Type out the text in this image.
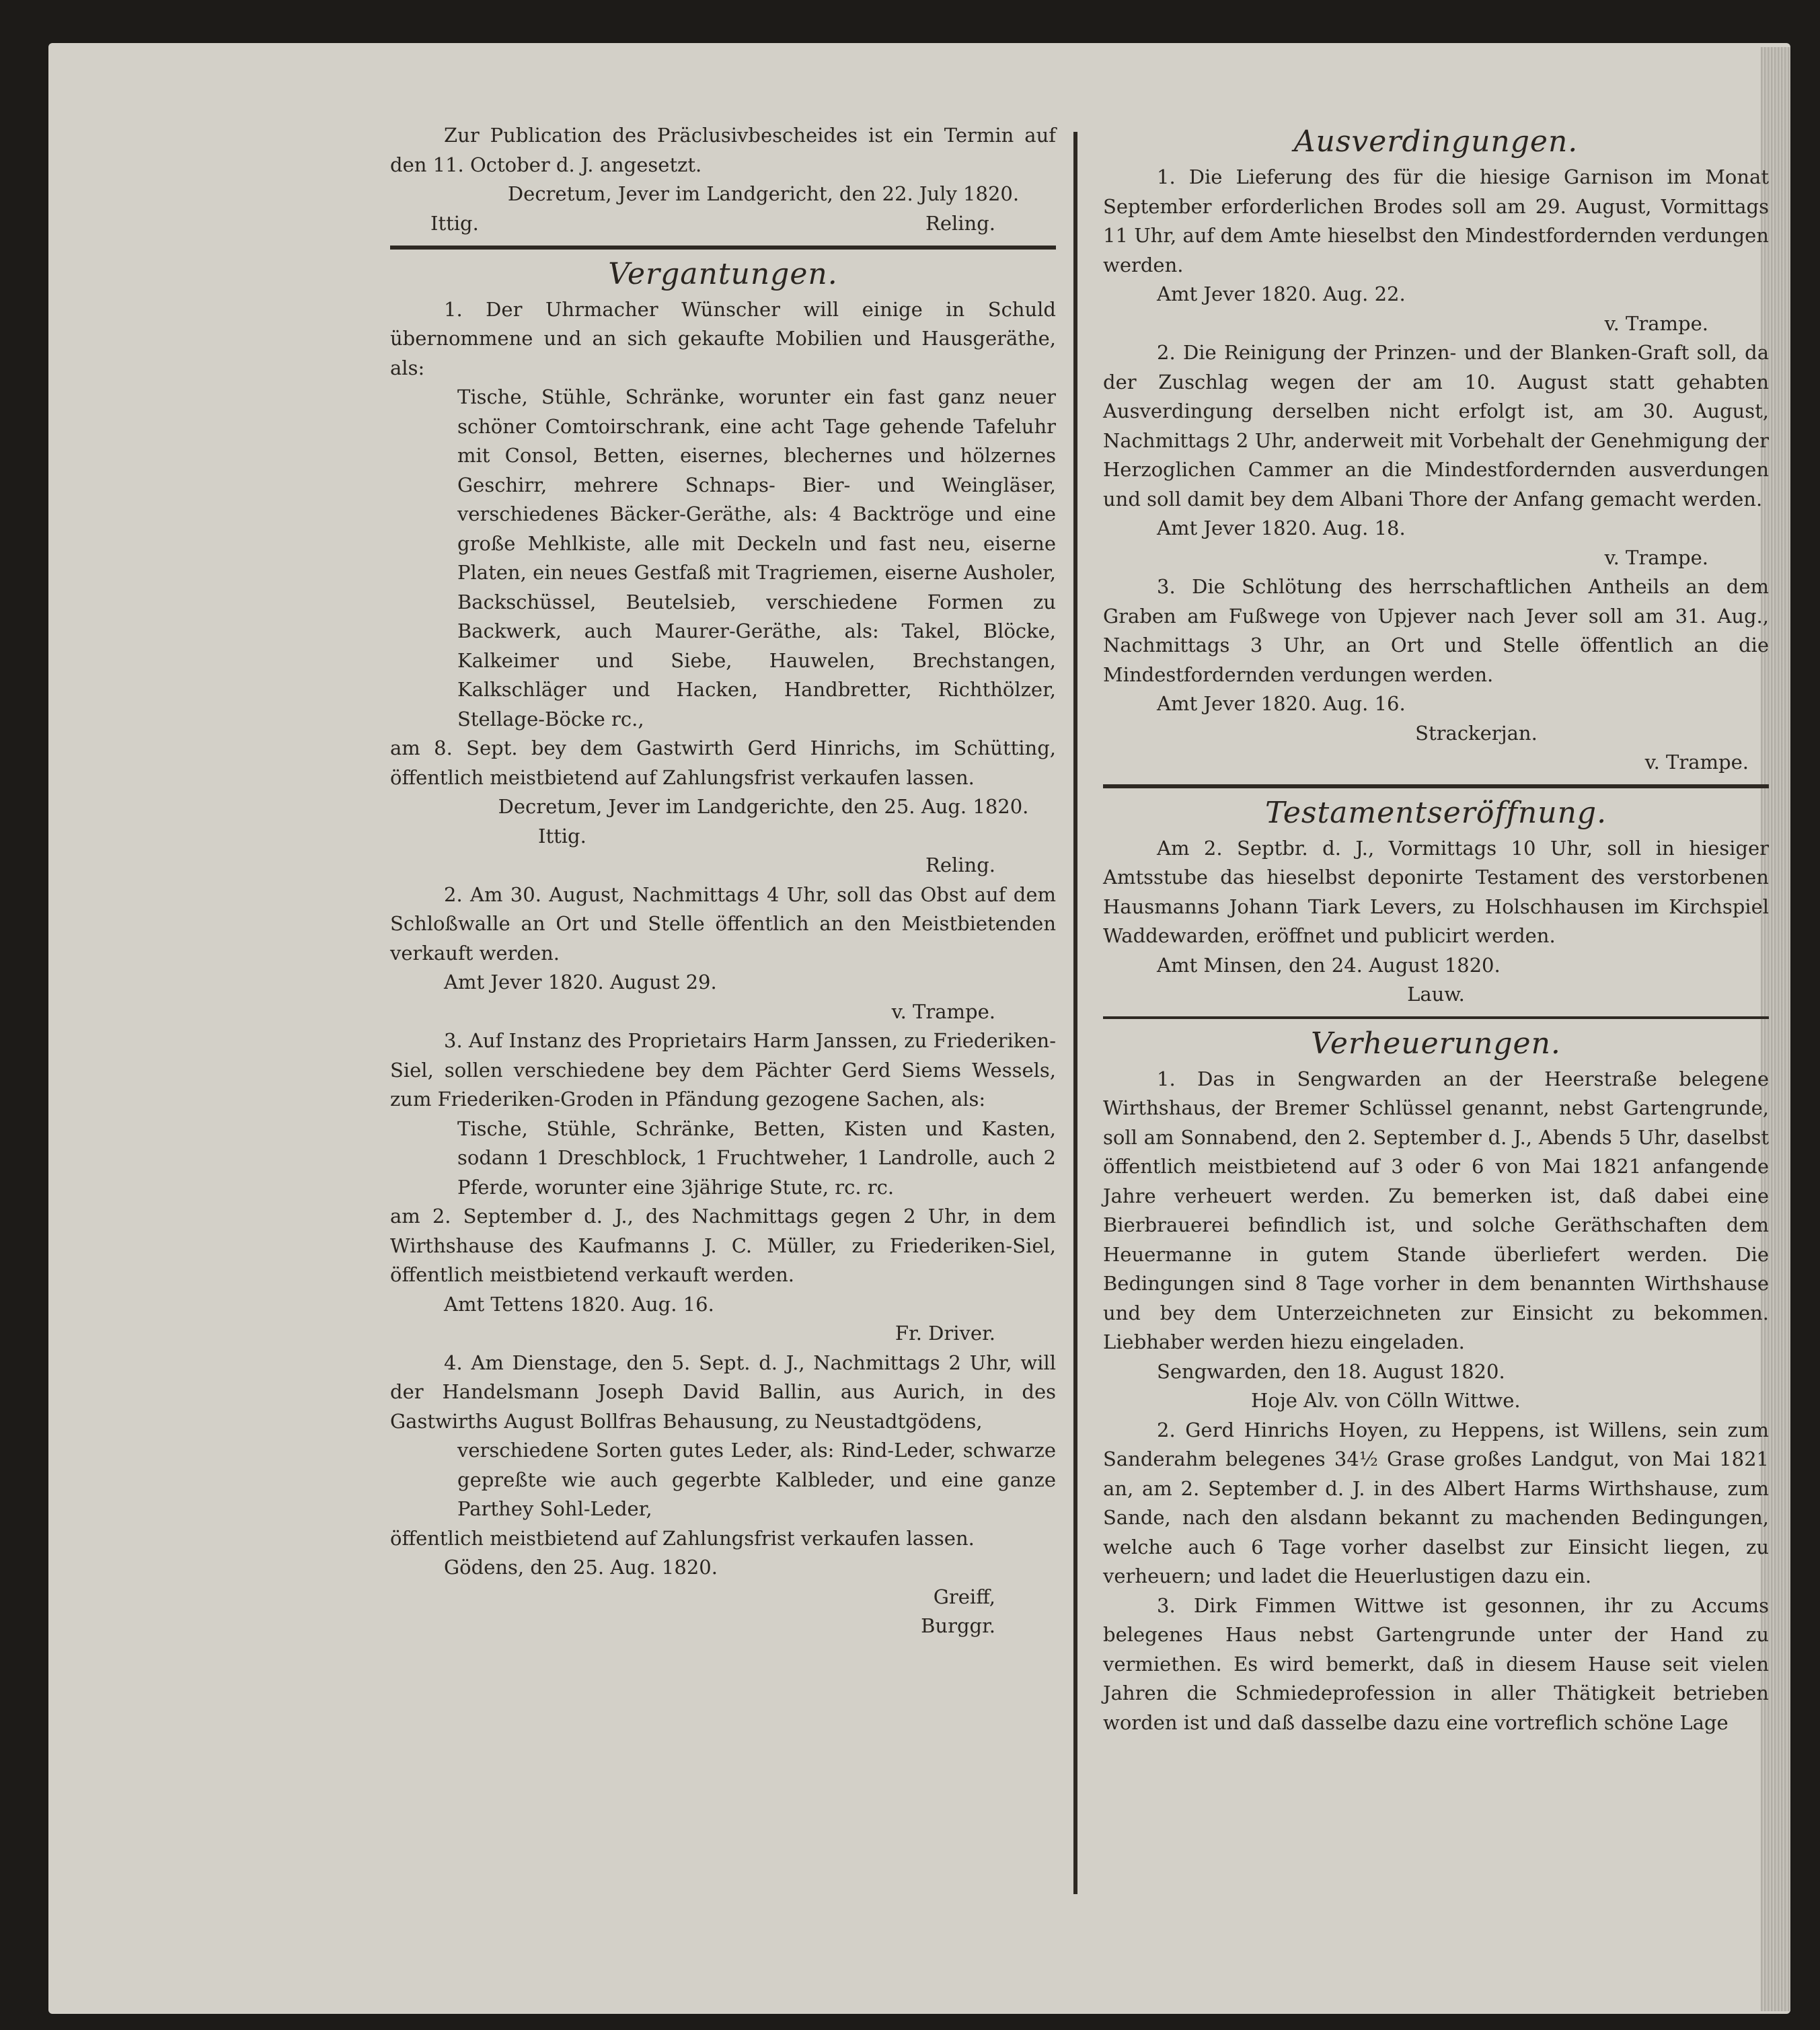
Zur Publication des Präclusivbescheides ist ein Termin auf den 11. October d. J. angesetzt.

Decretum, Jever im Landgericht, den 22. July 1820.

Ittig.	Reling.

Vergantungen.

1. Der Uhrmacher Wünscher will einige in Schuld übernommene und an sich gekaufte Mobilien und Hausgeräthe, als:

Tische, Stühle, Schränke, worunter ein fast ganz neuer schöner Comtoirschrank, eine acht Tage gehende Tafeluhr mit Consol, Betten, eisernes, blechernes und hölzernes Geschirr, mehrere Schnaps- Bier- und Weingläser, verschiedenes Bäcker-Geräthe, als: 4 Backtröge und eine große Mehlkiste, alle mit Deckeln und fast neu, eiserne Platen, ein neues Gestfaß mit Tragriemen, eiserne Ausholer, Backschüssel, Beutelsieb, verschiedene Formen zu Backwerk, auch Maurer-Geräthe, als: Takel, Blöcke, Kalkeimer und Siebe, Hauwelen, Brechstangen, Kalkschläger und Hacken, Handbretter, Richthölzer, Stellage-Böcke rc.,

am 8. Sept. bey dem Gastwirth Gerd Hinrichs, im Schütting, öffentlich meistbietend auf Zahlungsfrist verkaufen lassen.

Decretum, Jever im Landgerichte, den 25. Aug. 1820.

Ittig.

Reling.

2. Am 30. August, Nachmittags 4 Uhr, soll das Obst auf dem Schloßwalle an Ort und Stelle öffentlich an den Meistbietenden verkauft werden.

Amt Jever 1820. August 29.

v. Trampe.

3. Auf Instanz des Proprietairs Harm Janssen, zu Friederiken-Siel, sollen verschiedene bey dem Pächter Gerd Siems Wessels, zum Friederiken-Groden in Pfändung gezogene Sachen, als:

Tische, Stühle, Schränke, Betten, Kisten und Kasten, sodann 1 Dreschblock, 1 Fruchtweher, 1 Landrolle, auch 2 Pferde, worunter eine 3jährige Stute, rc. rc.

am 2. September d. J., des Nachmittags gegen 2 Uhr, in dem Wirthshause des Kaufmanns J. C. Müller, zu Friederiken-Siel, öffentlich meistbietend verkauft werden.

Amt Tettens 1820. Aug. 16.

Fr. Driver.

4. Am Dienstage, den 5. Sept. d. J., Nachmittags 2 Uhr, will der Handelsmann Joseph David Ballin, aus Aurich, in des Gastwirths August Bollfras Behausung, zu Neustadtgödens,

verschiedene Sorten gutes Leder, als: Rind-Leder, schwarze gepreßte wie auch gegerbte Kalbleder, und eine ganze Parthey Sohl-Leder,

öffentlich meistbietend auf Zahlungsfrist verkaufen lassen.

Gödens, den 25. Aug. 1820.

Greiff,

Burggr.

Ausverdingungen.

1. Die Lieferung des für die hiesige Garnison im Monat September erforderlichen Brodes soll am 29. August, Vormittags 11 Uhr, auf dem Amte hieselbst den Mindestfordernden verdungen werden.

Amt Jever 1820. Aug. 22.

v. Trampe.

2. Die Reinigung der Prinzen- und der Blanken-Graft soll, da der Zuschlag wegen der am 10. August statt gehabten Ausverdingung derselben nicht erfolgt ist, am 30. August, Nachmittags 2 Uhr, anderweit mit Vorbehalt der Genehmigung der Herzoglichen Cammer an die Mindestfordernden ausverdungen und soll damit bey dem Albani Thore der Anfang gemacht werden.

Amt Jever 1820. Aug. 18.

v. Trampe.

3. Die Schlötung des herrschaftlichen Antheils an dem Graben am Fußwege von Upjever nach Jever soll am 31. Aug., Nachmittags 3 Uhr, an Ort und Stelle öffentlich an die Mindestfordernden verdungen werden.

Amt Jever 1820. Aug. 16.

Strackerjan.

v. Trampe.

Testamentseröffnung.

Am 2. Septbr. d. J., Vormittags 10 Uhr, soll in hiesiger Amtsstube das hieselbst deponirte Testament des verstorbenen Hausmanns Johann Tiark Levers, zu Holschhausen im Kirchspiel Waddewarden, eröffnet und publicirt werden.

Amt Minsen, den 24. August 1820.

Lauw.

Verheuerungen.

1. Das in Sengwarden an der Heerstraße belegene Wirthshaus, der Bremer Schlüssel genannt, nebst Gartengrunde, soll am Sonnabend, den 2. September d. J., Abends 5 Uhr, daselbst öffentlich meistbietend auf 3 oder 6 von Mai 1821 anfangende Jahre verheuert werden. Zu bemerken ist, daß dabei eine Bierbrauerei befindlich ist, und solche Geräthschaften dem Heuermanne in gutem Stande überliefert werden. Die Bedingungen sind 8 Tage vorher in dem benannten Wirthshause und bey dem Unterzeichneten zur Einsicht zu bekommen. Liebhaber werden hiezu eingeladen.

Sengwarden, den 18. August 1820.

Hoje Alv. von Cölln Wittwe.

2. Gerd Hinrichs Hoyen, zu Heppens, ist Willens, sein zum Sanderahm belegenes 34½ Grase großes Landgut, von Mai 1821 an, am 2. September d. J. in des Albert Harms Wirthshause, zum Sande, nach den alsdann bekannt zu machenden Bedingungen, welche auch 6 Tage vorher daselbst zur Einsicht liegen, zu verheuern; und ladet die Heuerlustigen dazu ein.

3. Dirk Fimmen Wittwe ist gesonnen, ihr zu Accums belegenes Haus nebst Gartengrunde unter der Hand zu vermiethen. Es wird bemerkt, daß in diesem Hause seit vielen Jahren die Schmiedeprofession in aller Thätigkeit betrieben worden ist und daß dasselbe dazu eine vortreflich schöne Lage
